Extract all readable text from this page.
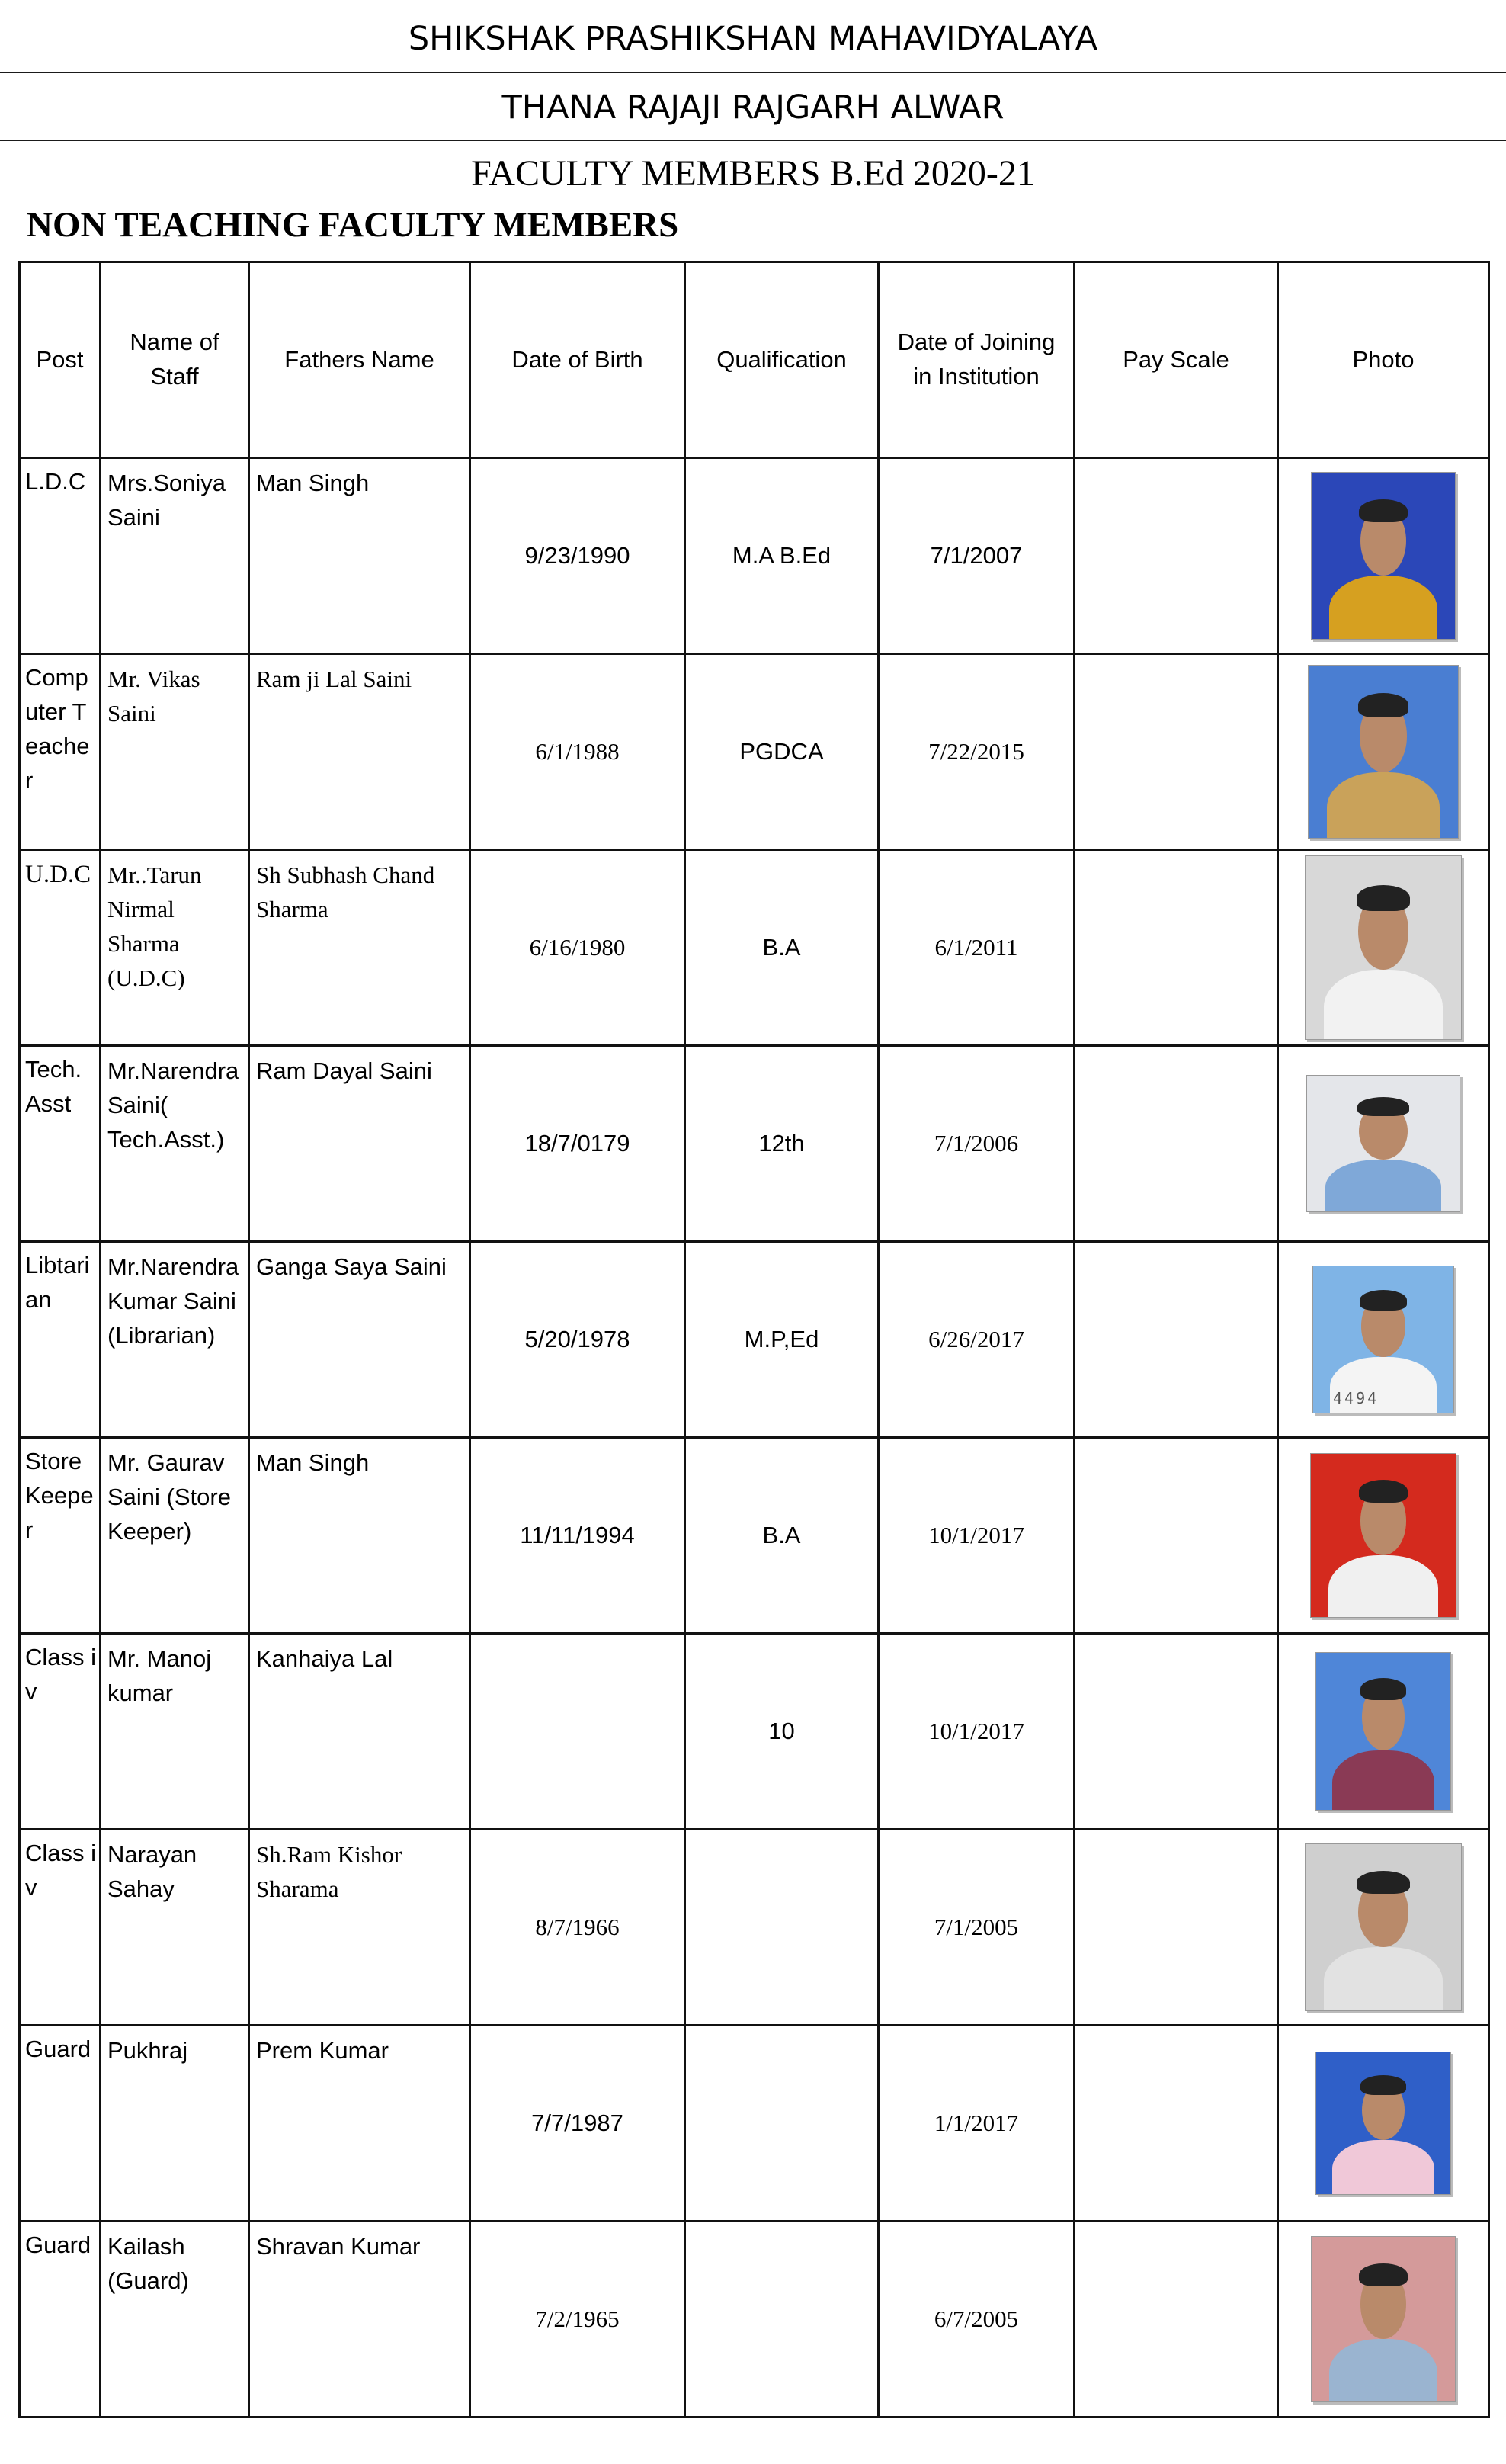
SHIKSHAK PRASHIKSHAN MAHAVIDYALAYA
THANA RAJAJI RAJGARH ALWAR
FACULTY MEMBERS B.Ed 2020-21
NON TEACHING FACULTY MEMBERS
Post	Name of Staff	Fathers Name	Date of Birth	Qualification	Date of Joining in Institution	Pay Scale	Photo
L.D.C	Mrs.Soniya Saini	Man Singh	9/23/1990	M.A B.Ed	7/1/2007		

Computer Teacher	Mr. Vikas Saini	Ram ji Lal Saini	6/1/1988	PGDCA	7/22/2015		

U.D.C	Mr..Tarun Nirmal Sharma (U.D.C)	Sh Subhash Chand Sharma	6/16/1980	B.A	6/1/2011		

Tech.Asst	Mr.Narendra Saini( Tech.Asst.)	Ram Dayal Saini	18/7/0179	12th	7/1/2006		

Libtarian	Mr.Narendra Kumar Saini (Librarian)	Ganga Saya Saini	5/20/1978	M.P,Ed	6/26/2017		4494

Store Keeper	Mr. Gaurav Saini (Store Keeper)	Man Singh	11/11/1994	B.A	10/1/2017		

Class iv	Mr. Manoj kumar	Kanhaiya Lal		10	10/1/2017		

Class iv	Narayan Sahay	Sh.Ram Kishor Sharama	8/7/1966		7/1/2005		

Guard	Pukhraj	Prem Kumar	7/7/1987		1/1/2017		

Guard	Kailash (Guard)	Shravan Kumar	7/2/1965		6/7/2005		
